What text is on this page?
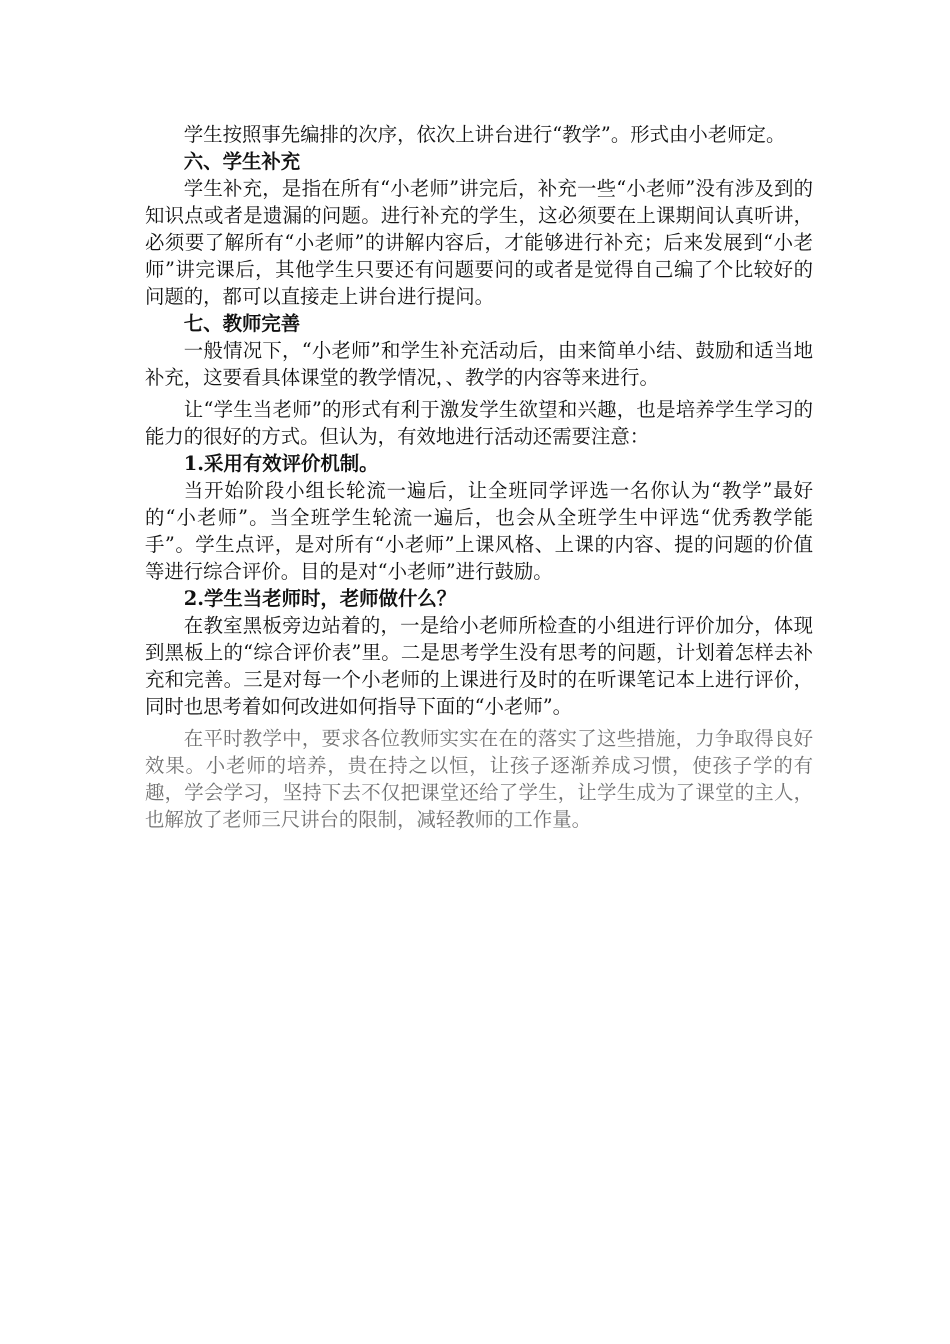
学生按照事先编排的次序，依次上讲台进行“教学”。形式由小老师定。

六、学生补充

学生补充，是指在所有“小老师”讲完后，补充一些“小老师”没有涉及到的知识点或者是遗漏的问题。进行补充的学生，这必须要在上课期间认真听讲，必须要了解所有“小老师”的讲解内容后，才能够进行补充；后来发展到“小老师”讲完课后，其他学生只要还有问题要问的或者是觉得自己编了个比较好的问题的，都可以直接走上讲台进行提问。

七、教师完善

一般情况下，“小老师”和学生补充活动后，由来简单小结、鼓励和适当地补充，这要看具体课堂的教学情况，、教学的内容等来进行。

让“学生当老师”的形式有利于激发学生欲望和兴趣，也是培养学生学习的能力的很好的方式。但认为，有效地进行活动还需要注意：

1.采用有效评价机制。

当开始阶段小组长轮流一遍后，让全班同学评选一名你认为“教学”最好的“小老师”。当全班学生轮流一遍后，也会从全班学生中评选“优秀教学能手”。学生点评，是对所有“小老师”上课风格、上课的内容、提的问题的价值等进行综合评价。目的是对“小老师”进行鼓励。

2.学生当老师时，老师做什么？

在教室黑板旁边站着的，一是给小老师所检查的小组进行评价加分，体现到黑板上的“综合评价表”里。二是思考学生没有思考的问题，计划着怎样去补充和完善。三是对每一个小老师的上课进行及时的在听课笔记本上进行评价，同时也思考着如何改进如何指导下面的“小老师”。

在平时教学中，要求各位教师实实在在的落实了这些措施，力争取得良好效果。小老师的培养，贵在持之以恒，让孩子逐渐养成习惯，使孩子学的有趣，学会学习，坚持下去不仅把课堂还给了学生，让学生成为了课堂的主人，也解放了老师三尺讲台的限制，减轻教师的工作量。
